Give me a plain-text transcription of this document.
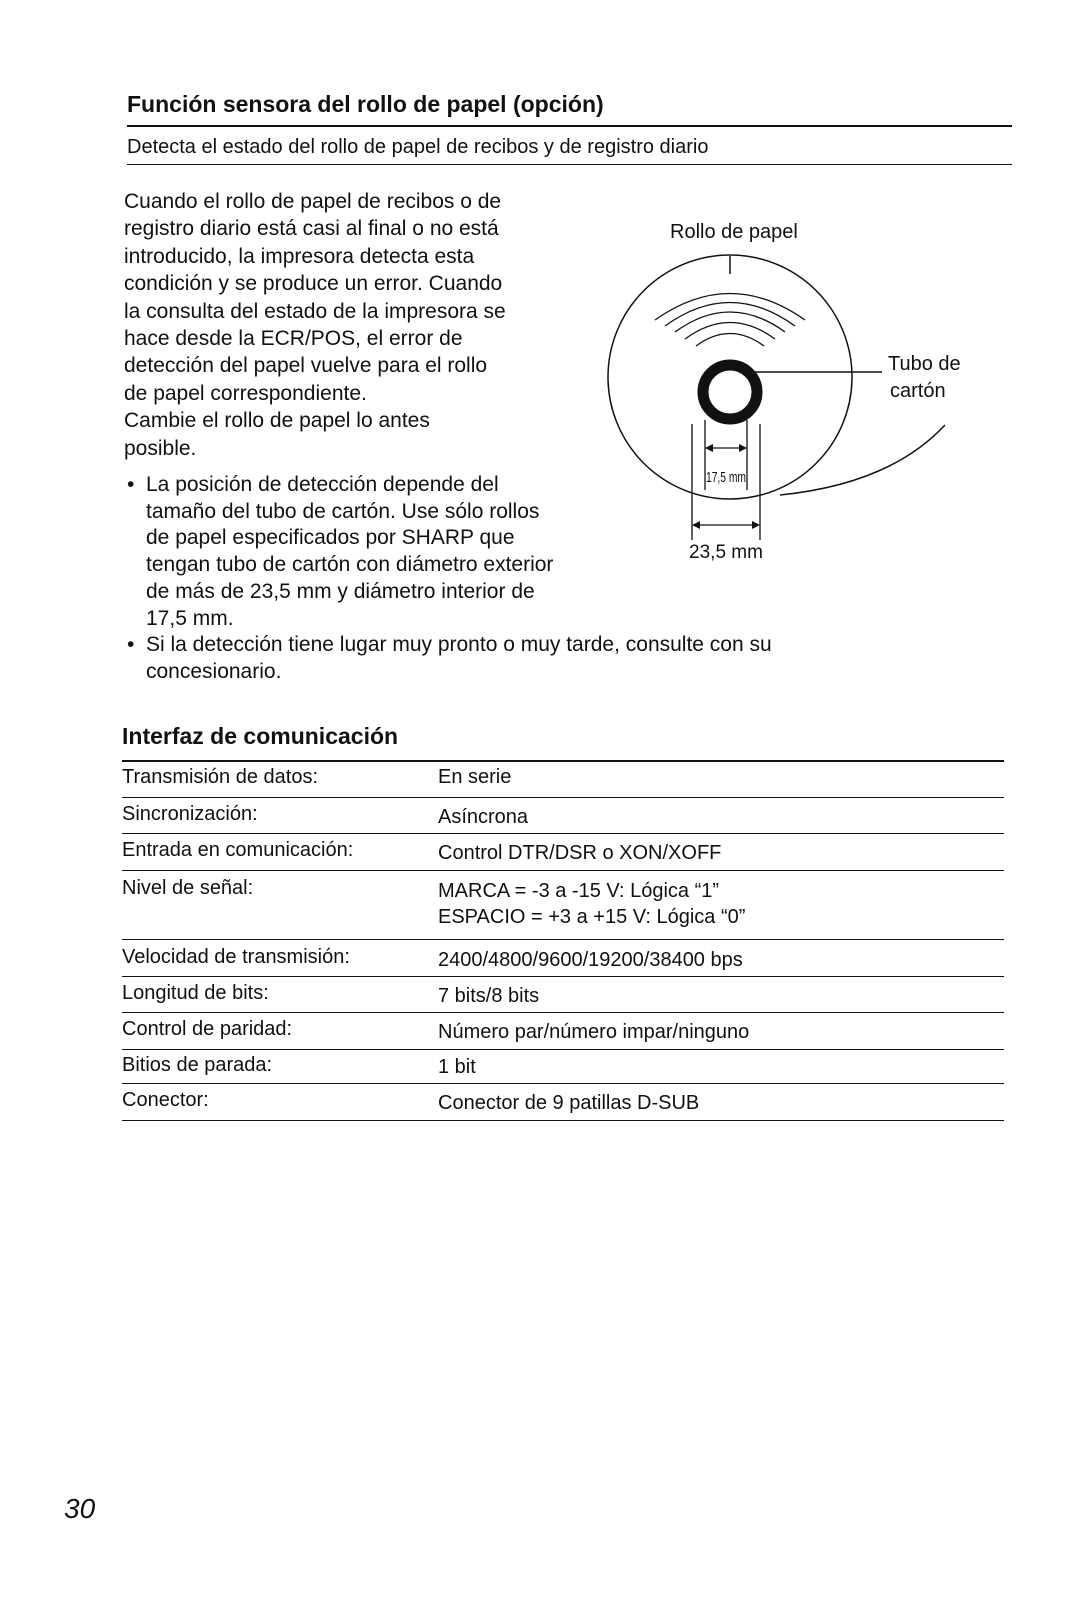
Función sensora del rollo de papel (opción)
Detecta el estado del rollo de papel de recibos y de registro diario

Cuando el rollo de papel de recibos o de

registro diario está casi al final o no está

introducido, la impresora detecta esta

condición y se produce un error. Cuando

la consulta del estado de la impresora se

hace desde la ECR/POS, el error de

detección del papel vuelve para el rollo

de papel correspondiente.

Cambie el rollo de papel lo antes

posible.

• La posición de detección depende del
tamaño del tubo de cartón. Use sólo rollos
de papel especificados por SHARP que
tengan tubo de cartón con diámetro exterior
de más de 23,5 mm y diámetro interior de
17,5 mm.
• Si la detección tiene lugar muy pronto o muy tarde, consulte con su
concesionario.
Rollo de papel
Tubo de
cartón
17,5 mm
23,5 mm
Interfaz de comunicación
Transmisión de datos:	En serie
Sincronización:	Asíncrona
Entrada en comunicación:	Control DTR/DSR o XON/XOFF
Nivel de señal:	MARCA = -3 a -15 V: Lógica “1”
ESPACIO = +3 a +15 V: Lógica “0”
Velocidad de transmisión:	2400/4800/9600/19200/38400 bps
Longitud de bits:	7 bits/8 bits
Control de paridad:	Número par/número impar/ninguno
Bitios de parada:	1 bit
Conector:	Conector de 9 patillas D-SUB
30
